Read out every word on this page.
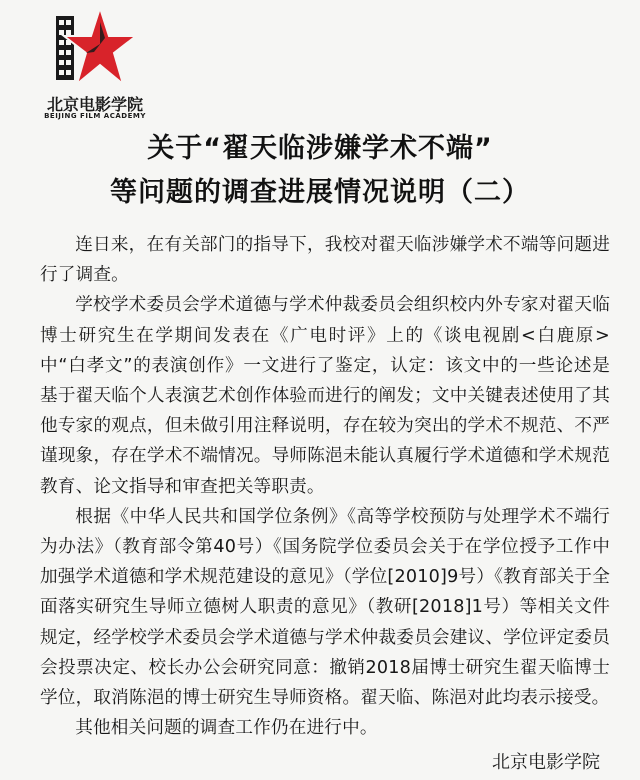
北京电影学院
BEIJING FILM ACADEMY
关于“翟天临涉嫌学术不端”
等问题的调查进展情况说明（二）

连日来，在有关部门的指导下，我校对翟天临涉嫌学术不端等问题进行了调查。

学校学术委员会学术道德与学术仲裁委员会组织校内外专家对翟天临博士研究生在学期间发表在《广电时评》上的《谈电视剧<白鹿原>中“白孝文”的表演创作》一文进行了鉴定，认定：该文中的一些论述是基于翟天临个人表演艺术创作体验而进行的阐发；文中关键表述使用了其他专家的观点，但未做引用注释说明，存在较为突出的学术不规范、不严谨现象，存在学术不端情况。导师陈浥未能认真履行学术道德和学术规范教育、论文指导和审查把关等职责。

根据《中华人民共和国学位条例》《高等学校预防与处理学术不端行为办法》（教育部令第40号）《国务院学位委员会关于在学位授予工作中加强学术道德和学术规范建设的意见》（学位[2010]9号）《教育部关于全面落实研究生导师立德树人职责的意见》（教研[2018]1号）等相关文件规定，经学校学术委员会学术道德与学术仲裁委员会建议、学位评定委员会投票决定、校长办公会研究同意：撤销2018届博士研究生翟天临博士学位，取消陈浥的博士研究生导师资格。翟天临、陈浥对此均表示接受。

其他相关问题的调查工作仍在进行中。

北京电影学院
